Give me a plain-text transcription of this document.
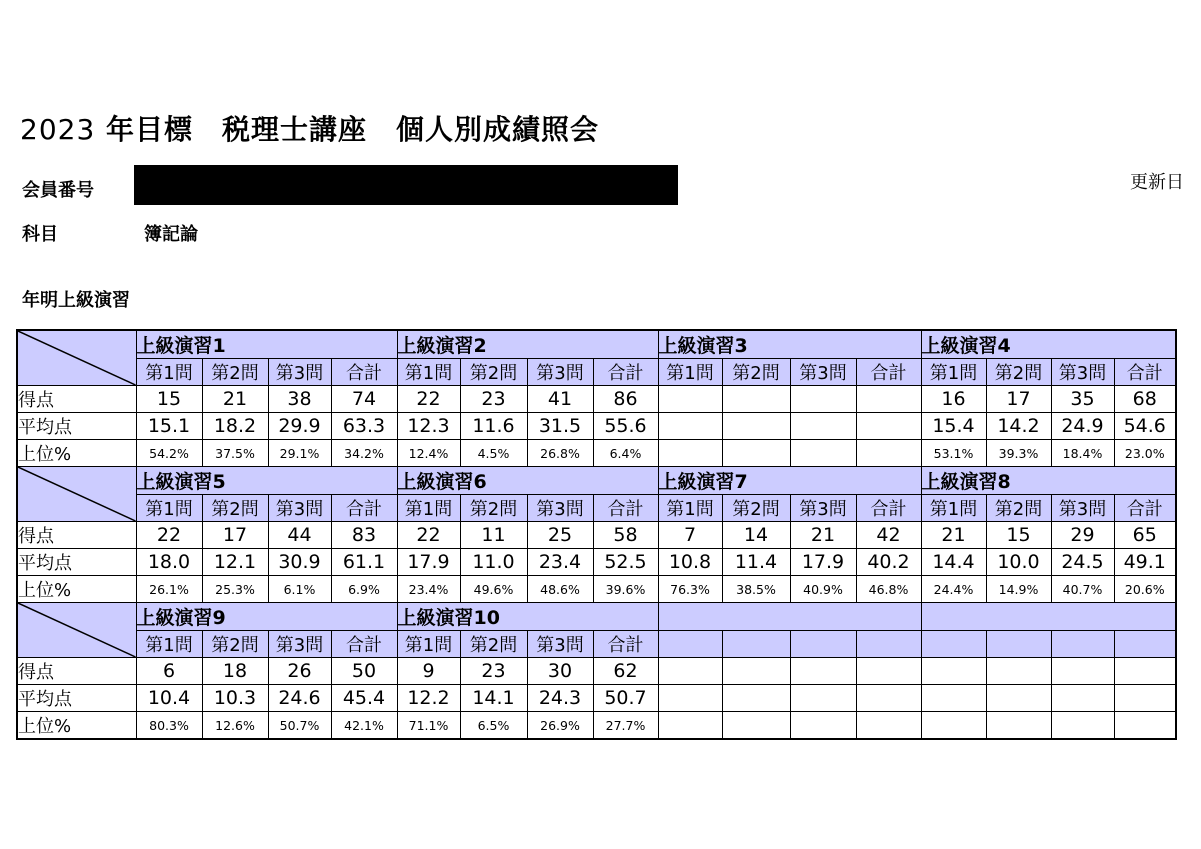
2023 年目標　税理士講座　個人別成績照会
会員番号	更新日
科目	簿記論
年明上級演習
	上級演習1				上級演習2				上級演習3				上級演習4			
	第1問	第2問	第3問	合計	第1問	第2問	第3問	合計	第1問	第2問	第3問	合計	第1問	第2問	第3問	合計
得点	15	21	38	74	22	23	41	86					16	17	35	68
平均点	15.1	18.2	29.9	63.3	12.3	11.6	31.5	55.6					15.4	14.2	24.9	54.6
上位%	54.2%	37.5%	29.1%	34.2%	12.4%	4.5%	26.8%	6.4%					53.1%	39.3%	18.4%	23.0%

	上級演習5				上級演習6				上級演習7				上級演習8			
	第1問	第2問	第3問	合計	第1問	第2問	第3問	合計	第1問	第2問	第3問	合計	第1問	第2問	第3問	合計
得点	22	17	44	83	22	11	25	58	7	14	21	42	21	15	29	65
平均点	18.0	12.1	30.9	61.1	17.9	11.0	23.4	52.5	10.8	11.4	17.9	40.2	14.4	10.0	24.5	49.1
上位%	26.1%	25.3%	6.1%	6.9%	23.4%	49.6%	48.6%	39.6%	76.3%	38.5%	40.9%	46.8%	24.4%	14.9%	40.7%	20.6%

	上級演習9				上級演習10											
	第1問	第2問	第3問	合計	第1問	第2問	第3問	合計								
得点	6	18	26	50	9	23	30	62								
平均点	10.4	10.3	24.6	45.4	12.2	14.1	24.3	50.7								
上位%	80.3%	12.6%	50.7%	42.1%	71.1%	6.5%	26.9%	27.7%								
